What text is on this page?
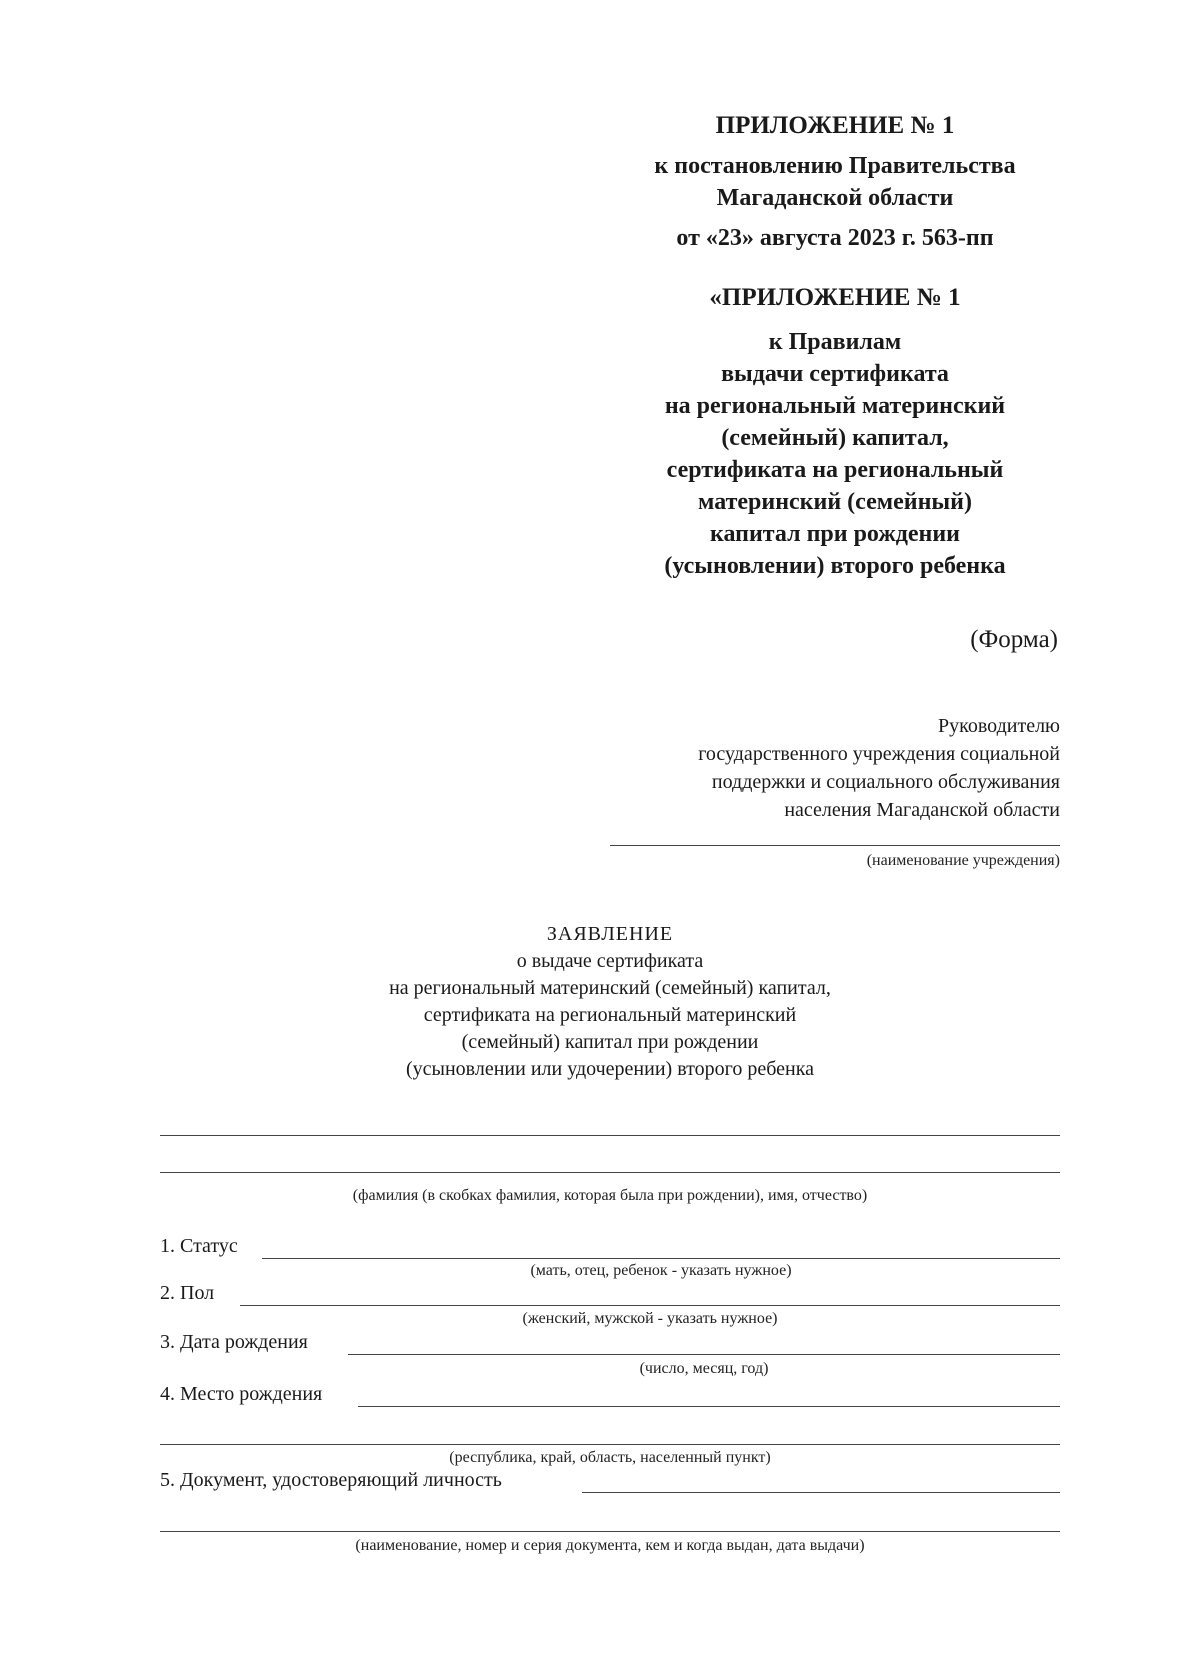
ПРИЛОЖЕНИЕ № 1
к постановлению Правительства
Магаданской области
от «23» августа 2023 г. 563-пп
«ПРИЛОЖЕНИЕ № 1
к Правилам
выдачи сертификата
на региональный материнский
(семейный) капитал,
сертификата на региональный
материнский (семейный)
капитал при рождении
(усыновлении) второго ребенка
(Форма)
Руководителю
государственного учреждения социальной
поддержки и социального обслуживания
населения Магаданской области
(наименование учреждения)
ЗАЯВЛЕНИЕ
о выдаче сертификата
на региональный материнский (семейный) капитал,
сертификата на региональный материнский
(семейный) капитал при рождении
(усыновлении или удочерении) второго ребенка
(фамилия (в скобках фамилия, которая была при рождении), имя, отчество)
1. Статус
(мать, отец, ребенок - указать нужное)
2. Пол
(женский, мужской - указать нужное)
3. Дата рождения
(число, месяц, год)
4. Место рождения
(республика, край, область, населенный пункт)
5. Документ, удостоверяющий личность
(наименование, номер и серия документа, кем и когда выдан, дата выдачи)
